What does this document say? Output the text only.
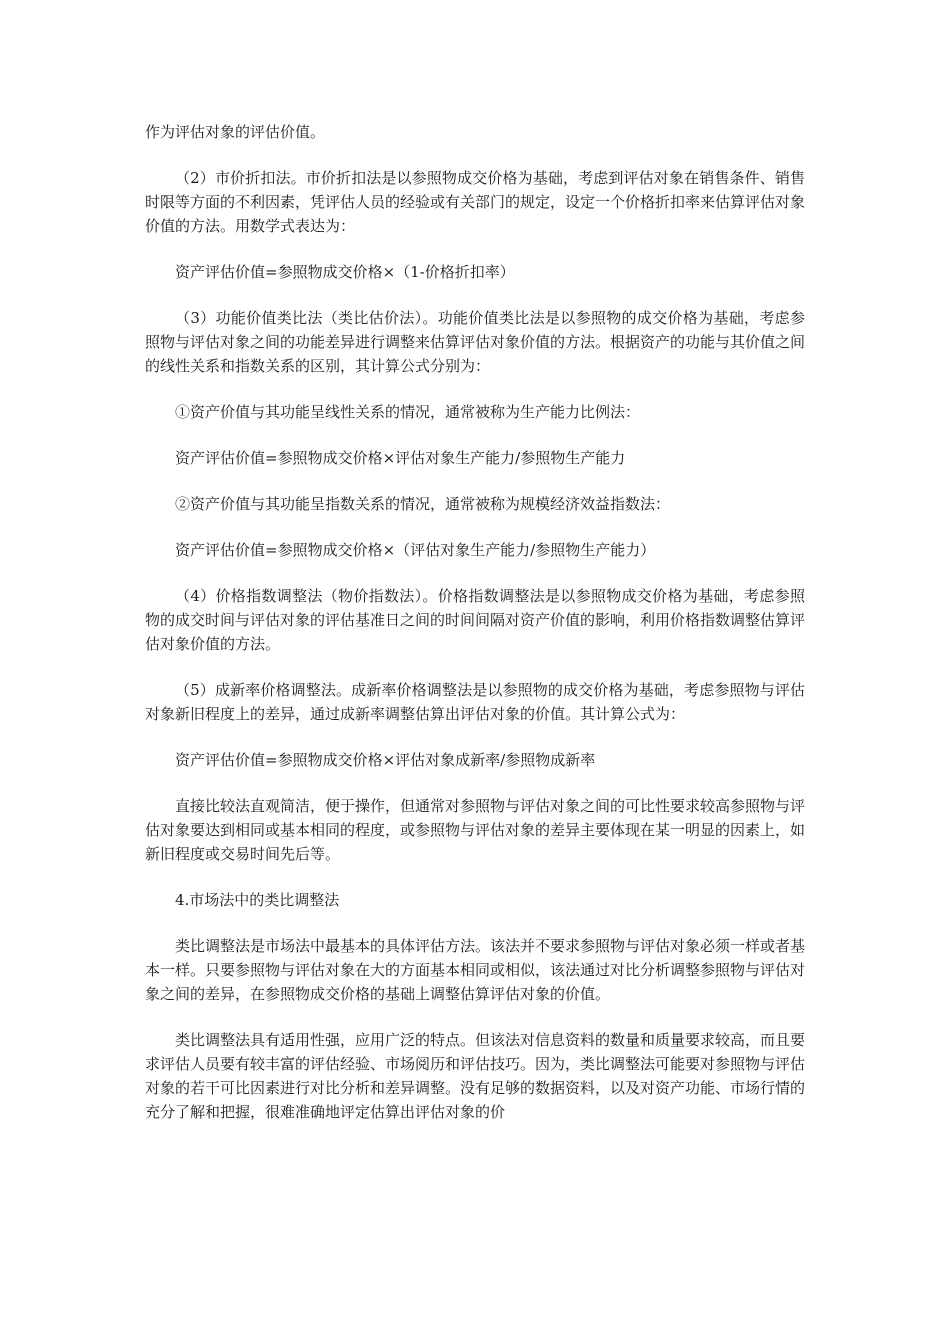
作为评估对象的评估价值。

（2）市价折扣法。市价折扣法是以参照物成交价格为基础，考虑到评估对象在销售条件、销售时限等方面的不利因素，凭评估人员的经验或有关部门的规定，设定一个价格折扣率来估算评估对象价值的方法。用数学式表达为：

资产评估价值=参照物成交价格×（1-价格折扣率）

（3）功能价值类比法（类比估价法）。功能价值类比法是以参照物的成交价格为基础，考虑参照物与评估对象之间的功能差异进行调整来估算评估对象价值的方法。根据资产的功能与其价值之间的线性关系和指数关系的区别，其计算公式分别为：

①资产价值与其功能呈线性关系的情况，通常被称为生产能力比例法：

资产评估价值=参照物成交价格×评估对象生产能力/参照物生产能力

②资产价值与其功能呈指数关系的情况，通常被称为规模经济效益指数法：

资产评估价值=参照物成交价格×（评估对象生产能力/参照物生产能力）

（4）价格指数调整法（物价指数法）。价格指数调整法是以参照物成交价格为基础，考虑参照物的成交时间与评估对象的评估基准日之间的时间间隔对资产价值的影响，利用价格指数调整估算评估对象价值的方法。

（5）成新率价格调整法。成新率价格调整法是以参照物的成交价格为基础，考虑参照物与评估对象新旧程度上的差异，通过成新率调整估算出评估对象的价值。其计算公式为：

资产评估价值=参照物成交价格×评估对象成新率/参照物成新率

直接比较法直观简洁，便于操作，但通常对参照物与评估对象之间的可比性要求较高参照物与评估对象要达到相同或基本相同的程度，或参照物与评估对象的差异主要体现在某一明显的因素上，如新旧程度或交易时间先后等。

4.市场法中的类比调整法

类比调整法是市场法中最基本的具体评估方法。该法并不要求参照物与评估对象必须一样或者基本一样。只要参照物与评估对象在大的方面基本相同或相似，该法通过对比分析调整参照物与评估对象之间的差异，在参照物成交价格的基础上调整估算评估对象的价值。

类比调整法具有适用性强，应用广泛的特点。但该法对信息资料的数量和质量要求较高，而且要求评估人员要有较丰富的评估经验、市场阅历和评估技巧。因为，类比调整法可能要对参照物与评估对象的若干可比因素进行对比分析和差异调整。没有足够的数据资料，以及对资产功能、市场行情的充分了解和把握，很难准确地评定估算出评估对象的价
